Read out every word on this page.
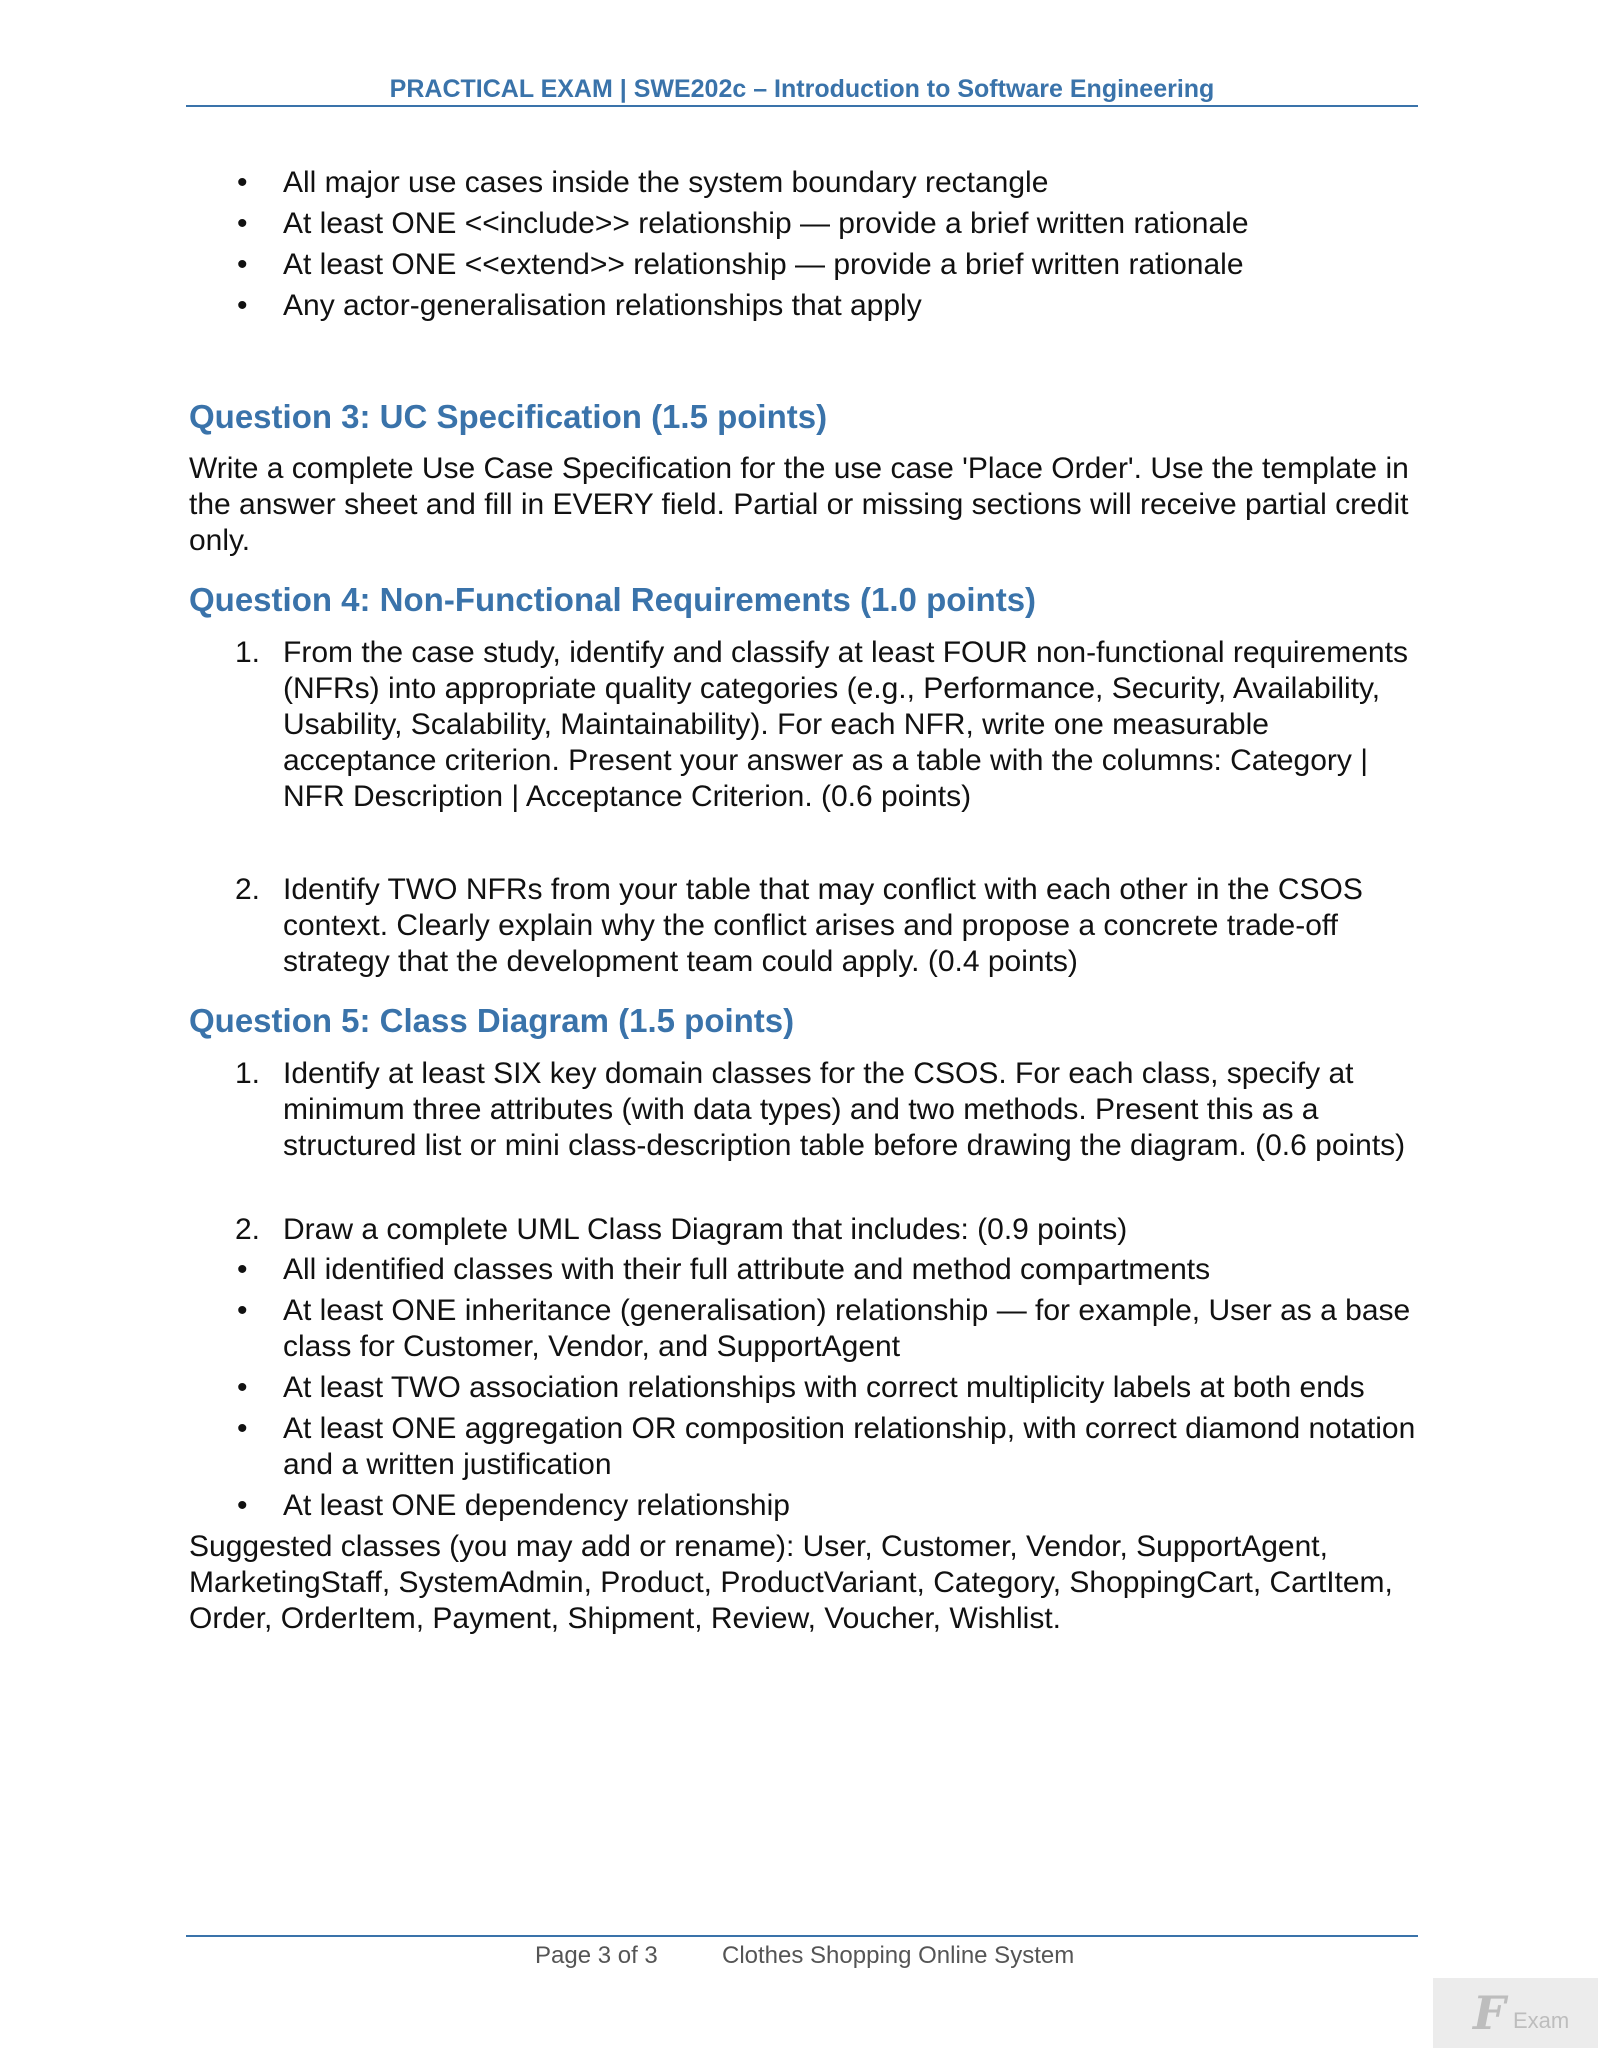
PRACTICAL EXAM | SWE202c – Introduction to Software Engineering
• All major use cases inside the system boundary rectangle
• At least ONE <<include>> relationship — provide a brief written rationale
• At least ONE <<extend>> relationship — provide a brief written rationale
• Any actor-generalisation relationships that apply
Question 3: UC Specification (1.5 points)

Write a complete Use Case Specification for the use case 'Place Order'. Use the template in the answer sheet and fill in EVERY field. Partial or missing sections will receive partial credit only.

Question 4: Non-Functional Requirements (1.0 points)
1. From the case study, identify and classify at least FOUR non-functional requirements (NFRs) into appropriate quality categories (e.g., Performance, Security, Availability, Usability, Scalability, Maintainability). For each NFR, write one measurable acceptance criterion. Present your answer as a table with the columns: Category | NFR Description | Acceptance Criterion. (0.6 points)
2. Identify TWO NFRs from your table that may conflict with each other in the CSOS context. Clearly explain why the conflict arises and propose a concrete trade-off strategy that the development team could apply. (0.4 points)
Question 5: Class Diagram (1.5 points)
1. Identify at least SIX key domain classes for the CSOS. For each class, specify at minimum three attributes (with data types) and two methods. Present this as a structured list or mini class-description table before drawing the diagram. (0.6 points)
2. Draw a complete UML Class Diagram that includes: (0.9 points)
• All identified classes with their full attribute and method compartments
• At least ONE inheritance (generalisation) relationship — for example, User as a base class for Customer, Vendor, and SupportAgent
• At least TWO association relationships with correct multiplicity labels at both ends
• At least ONE aggregation OR composition relationship, with correct diamond notation and a written justification
• At least ONE dependency relationship

Suggested classes (you may add or rename): User, Customer, Vendor, SupportAgent, MarketingStaff, SystemAdmin, Product, ProductVariant, Category, ShoppingCart, CartItem, Order, OrderItem, Payment, Shipment, Review, Voucher, Wishlist.

Page 3 of 3	Clothes Shopping Online System
F Exam
